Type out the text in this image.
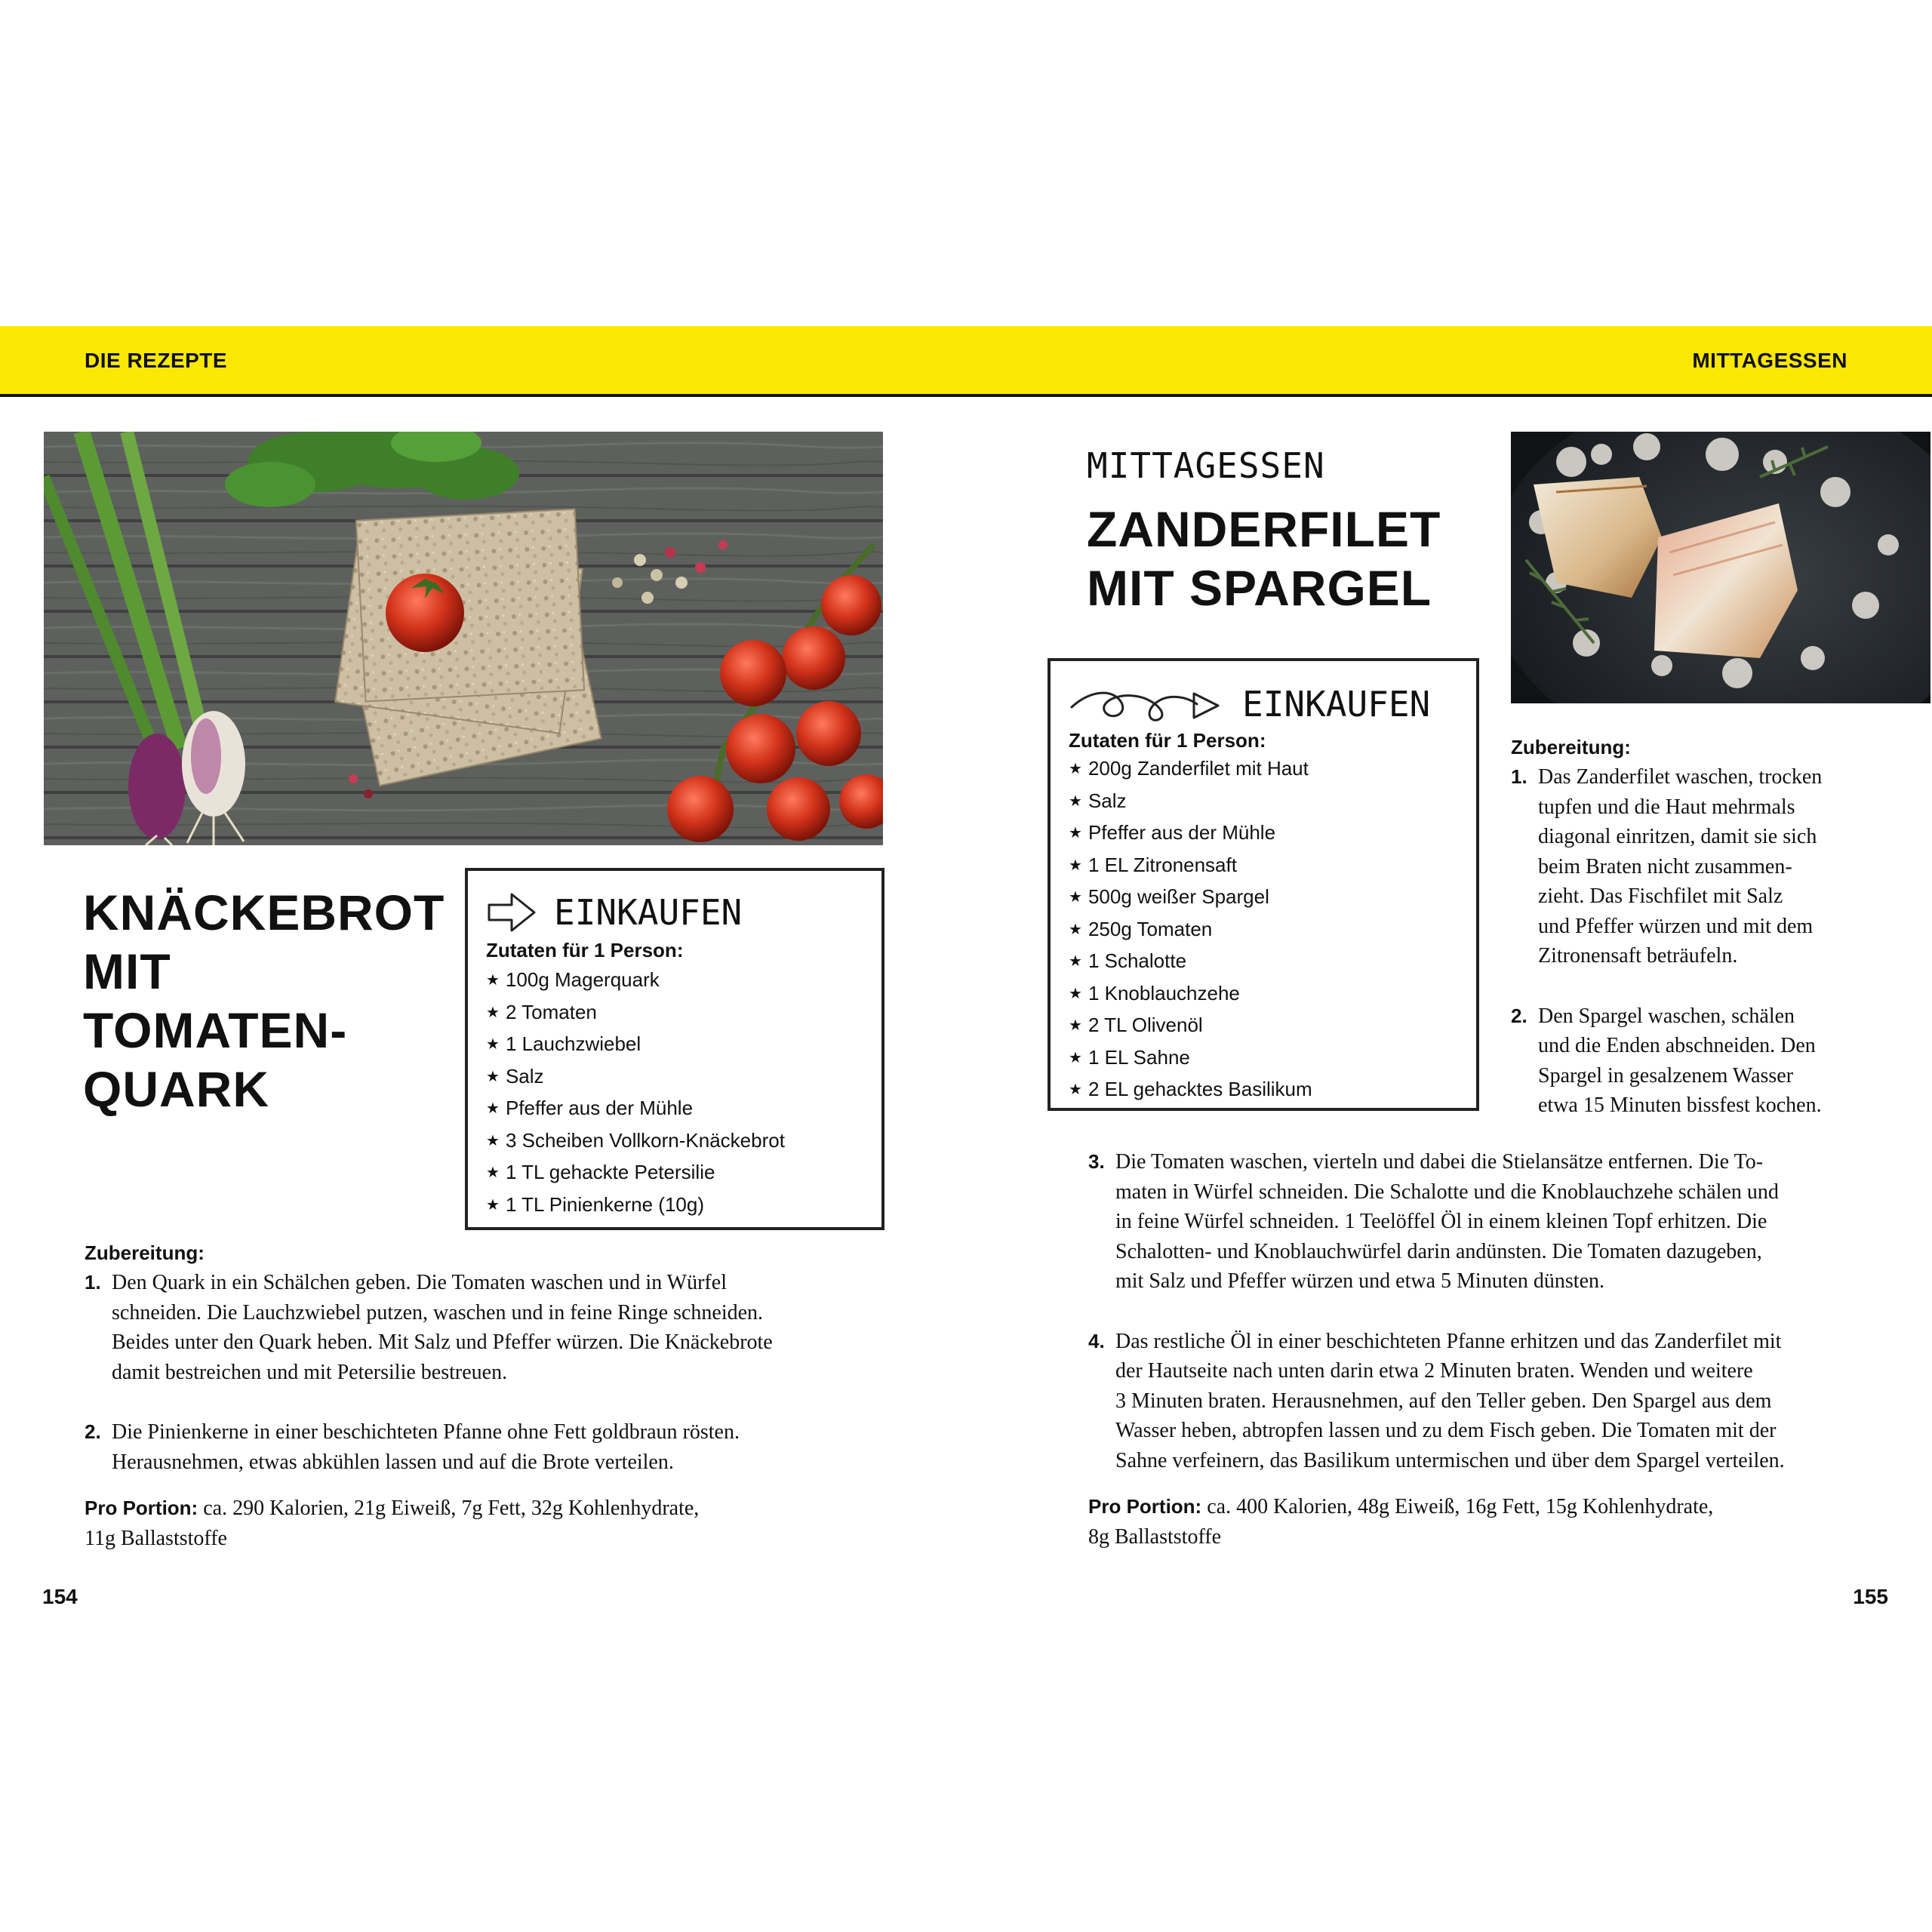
DIE REZEPTE	MITTAGESSEN
KNÄCKEBROT
MIT
TOMATEN-
QUARK
EINKAUFEN
Zutaten für 1 Person:
★ 100g Magerquark
★ 2 Tomaten
★ 1 Lauchzwiebel
★ Salz
★ Pfeffer aus der Mühle
★ 3 Scheiben Vollkorn-Knäckebrot
★ 1 TL gehackte Petersilie
★ 1 TL Pinienkerne (10g)
Zubereitung:
1. Den Quark in ein Schälchen geben. Die Tomaten waschen und in Würfel
schneiden. Die Lauchzwiebel putzen, waschen und in feine Ringe schneiden.
Beides unter den Quark heben. Mit Salz und Pfeffer würzen. Die Knäckebrote
damit bestreichen und mit Petersilie bestreuen.
2. Die Pinienkerne in einer beschichteten Pfanne ohne Fett goldbraun rösten.
Herausnehmen, etwas abkühlen lassen und auf die Brote verteilen.
Pro Portion: ca. 290 Kalorien, 21g Eiweiß, 7g Fett, 32g Kohlenhydrate,
11g Ballaststoffe
154
MITTAGESSEN
ZANDERFILET
MIT SPARGEL
EINKAUFEN
Zutaten für 1 Person:
★ 200g Zanderfilet mit Haut
★ Salz
★ Pfeffer aus der Mühle
★ 1 EL Zitronensaft
★ 500g weißer Spargel
★ 250g Tomaten
★ 1 Schalotte
★ 1 Knoblauchzehe
★ 2 TL Olivenöl
★ 1 EL Sahne
★ 2 EL gehacktes Basilikum
Zubereitung:
1. Das Zanderfilet waschen, trocken
tupfen und die Haut mehrmals
diagonal einritzen, damit sie sich
beim Braten nicht zusammen-
zieht. Das Fischfilet mit Salz
und Pfeffer würzen und mit dem
Zitronensaft beträufeln.
2. Den Spargel waschen, schälen
und die Enden abschneiden. Den
Spargel in gesalzenem Wasser
etwa 15 Minuten bissfest kochen.
3. Die Tomaten waschen, vierteln und dabei die Stielansätze entfernen. Die To-
maten in Würfel schneiden. Die Schalotte und die Knoblauchzehe schälen und
in feine Würfel schneiden. 1 Teelöffel Öl in einem kleinen Topf erhitzen. Die
Schalotten- und Knoblauchwürfel darin andünsten. Die Tomaten dazugeben,
mit Salz und Pfeffer würzen und etwa 5 Minuten dünsten.
4. Das restliche Öl in einer beschichteten Pfanne erhitzen und das Zanderfilet mit
der Hautseite nach unten darin etwa 2 Minuten braten. Wenden und weitere
3 Minuten braten. Herausnehmen, auf den Teller geben. Den Spargel aus dem
Wasser heben, abtropfen lassen und zu dem Fisch geben. Die Tomaten mit der
Sahne verfeinern, das Basilikum untermischen und über dem Spargel verteilen.
Pro Portion: ca. 400 Kalorien, 48g Eiweiß, 16g Fett, 15g Kohlenhydrate,
8g Ballaststoffe
155
